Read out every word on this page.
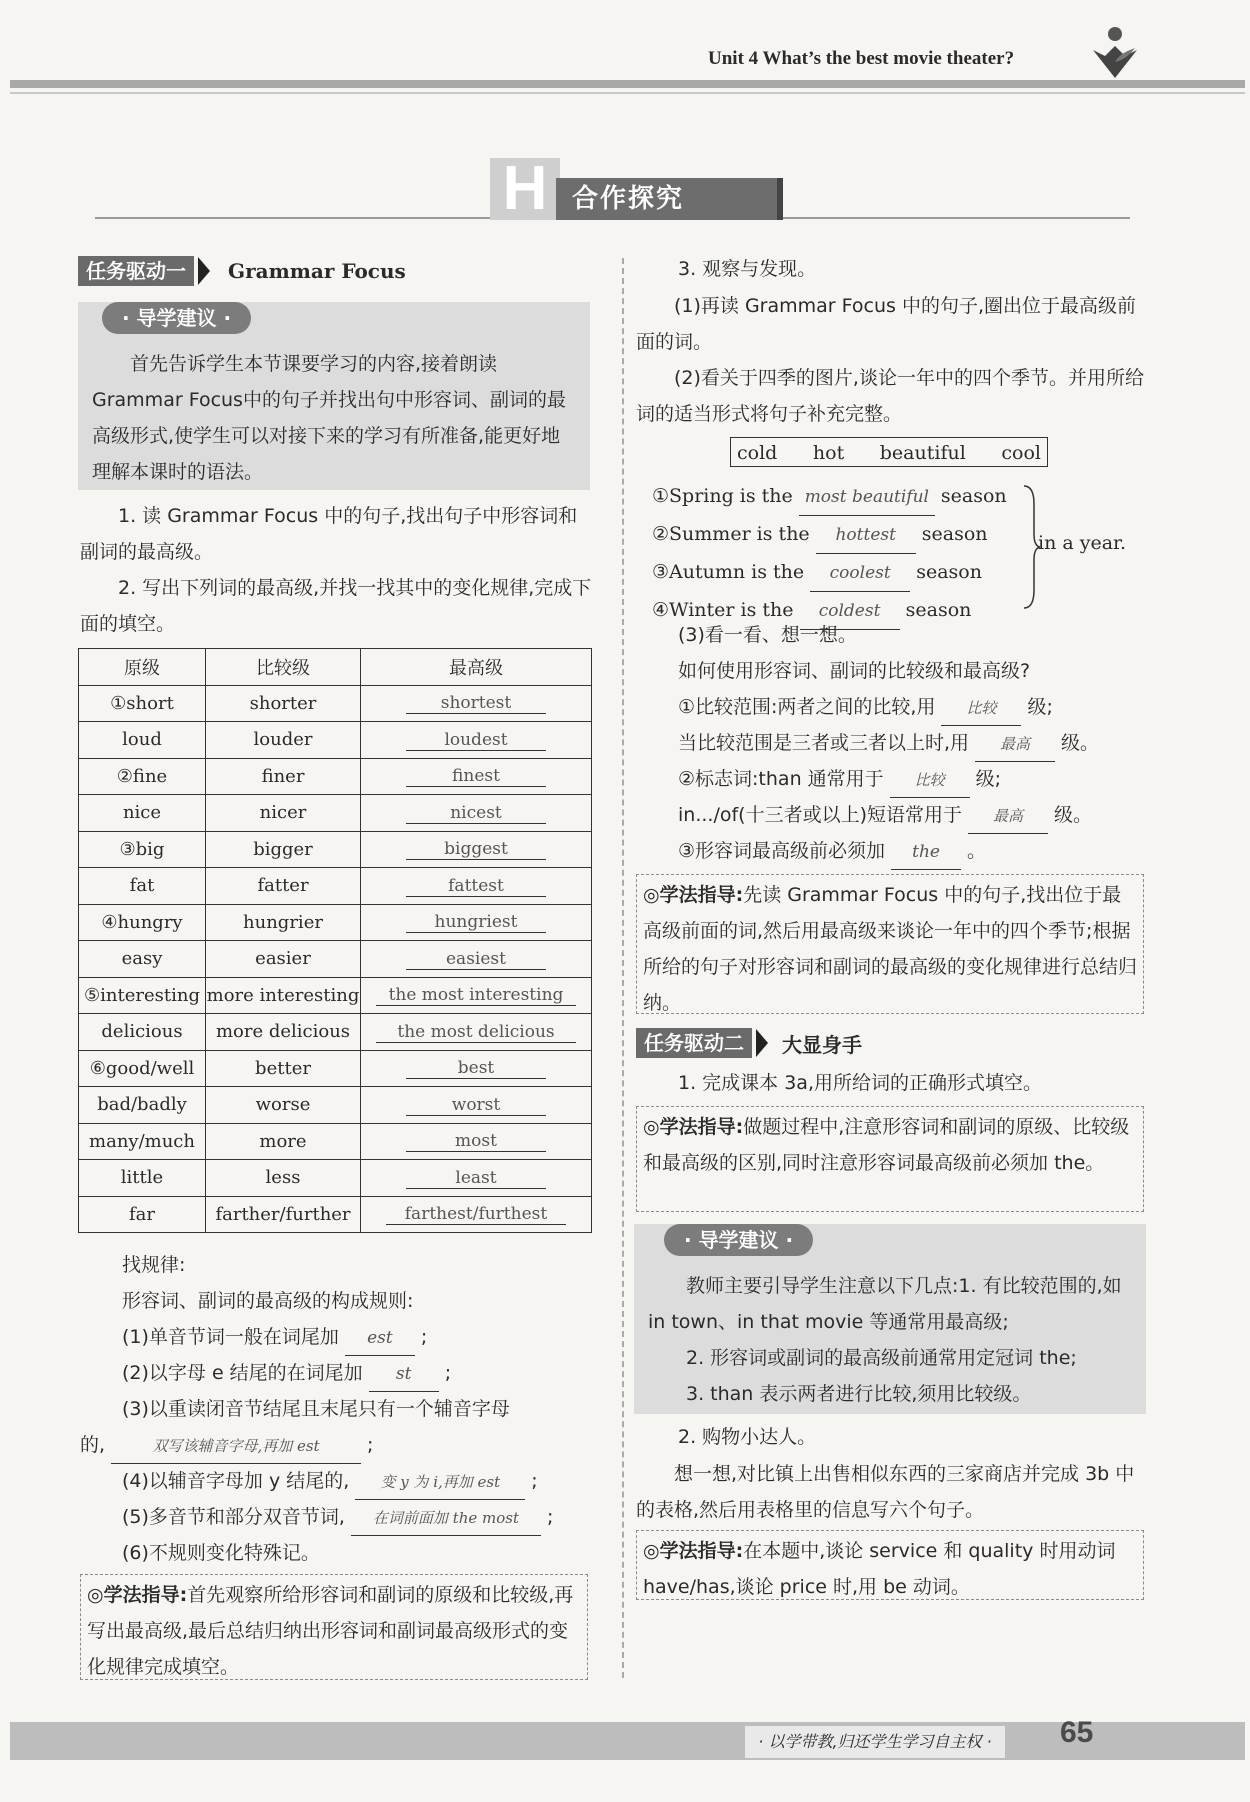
Unit 4 What’s the best movie theater?
H 合作探究
任务驱动一	Grammar Focus
· 导学建议 ·
首先告诉学生本节课要学习的内容,接着朗读Grammar Focus中的句子并找出句中形容词、副词的最高级形式,使学生可以对接下来的学习有所准备,能更好地理解本课时的语法。
1. 读 Grammar Focus 中的句子,找出句子中形容词和副词的最高级。
2. 写出下列词的最高级,并找一找其中的变化规律,完成下面的填空。
原级	比较级	最高级
①short	shorter	shortest
loud	louder	loudest
②fine	finer	finest
nice	nicer	nicest
③big	bigger	biggest
fat	fatter	fattest
④hungry	hungrier	hungriest
easy	easier	easiest
⑤interesting	more interesting	the most interesting
delicious	more delicious	the most delicious
⑥good/well	better	best
bad/badly	worse	worst
many/much	more	most
little	less	least
far	farther/further	farthest/furthest
找规律:
形容词、副词的最高级的构成规则:
(1)单音节词一般在词尾加 est ;
(2)以字母 e 结尾的在词尾加 st ;
(3)以重读闭音节结尾且末尾只有一个辅音字母
的,	双写该辅音字母,再加 est ;
(4)以辅音字母加 y 结尾的, 变 y 为 i,再加 est ;
(5)多音节和部分双音节词, 在词前面加 the most ;
(6)不规则变化特殊记。
◎学法指导:首先观察所给形容词和副词的原级和比较级,再写出最高级,最后总结归纳出形容词和副词最高级形式的变化规律完成填空。
3. 观察与发现。
(1)再读 Grammar Focus 中的句子,圈出位于最高级前面的词。
(2)看关于四季的图片,谈论一年中的四个季节。并用所给词的适当形式将句子补充完整。
cold hot beautiful cool
①Spring is the most beautiful season
②Summer is the hottest season
③Autumn is the coolest season
④Winter is the coldest season
in a year.
(3)看一看、想一想。
如何使用形容词、副词的比较级和最高级?
①比较范围:两者之间的比较,用 比较 级;
当比较范围是三者或三者以上时,用 最高 级。
②标志词:than 通常用于 比较 级;
in.../of(十三者或以上)短语常用于 最高 级。
③形容词最高级前必须加 the 。
◎学法指导:先读 Grammar Focus 中的句子,找出位于最高级前面的词,然后用最高级来谈论一年中的四个季节;根据所给的句子对形容词和副词的最高级的变化规律进行总结归纳。
任务驱动二	大显身手
1. 完成课本 3a,用所给词的正确形式填空。
◎学法指导:做题过程中,注意形容词和副词的原级、比较级和最高级的区别,同时注意形容词最高级前必须加 the。
· 导学建议 ·
教师主要引导学生注意以下几点:1. 有比较范围的,如 in town、in that movie 等通常用最高级;
2. 形容词或副词的最高级前通常用定冠词 the;
3. than 表示两者进行比较,须用比较级。
2. 购物小达人。
想一想,对比镇上出售相似东西的三家商店并完成 3b 中的表格,然后用表格里的信息写六个句子。
◎学法指导:在本题中,谈论 service 和 quality 时用动词 have/has,谈论 price 时,用 be 动词。
· 以学带教,归还学生学习自主权 ·	65
